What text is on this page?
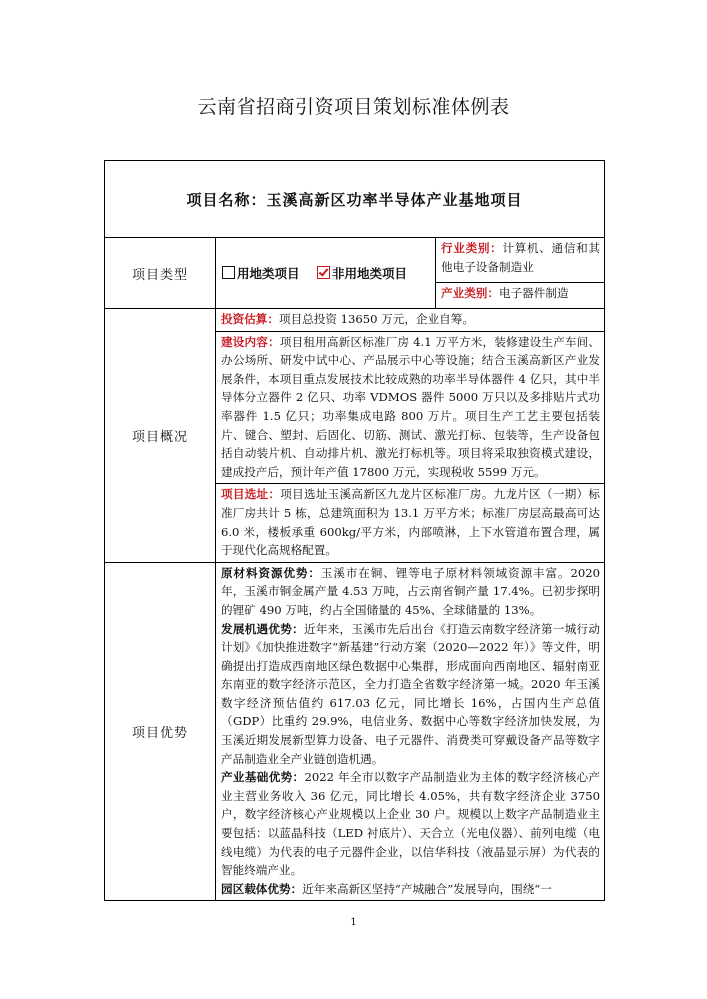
云南省招商引资项目策划标准体例表
项目名称：玉溪高新区功率半导体产业基地项目		
项目类型	用地类项目 非用地类项目	行业类别：计算机、通信和其他电子设备制造业
		产业类别：电子器件制造
项目概况	投资估算：项目总投资 13650 万元，企业自筹。	
	建设内容：项目租用高新区标准厂房 4.1 万平方米，装修建设生产车间、办公场所、研发中试中心、产品展示中心等设施；结合玉溪高新区产业发展条件，本项目重点发展技术比较成熟的功率半导体器件 4 亿只，其中半导体分立器件 2 亿只、功率 VDMOS 器件 5000 万只以及多排贴片式功率器件 1.5 亿只；功率集成电路 800 万片。项目生产工艺主要包括装片、键合、塑封、后固化、切筋、测试、激光打标、包装等，生产设备包括自动装片机、自动排片机、激光打标机等。项目将采取独资模式建设，建成投产后，预计年产值 17800 万元，实现税收 5599 万元。	
	项目选址：项目选址玉溪高新区九龙片区标准厂房。九龙片区（一期）标准厂房共计 5 栋，总建筑面积为 13.1 万平方米；标准厂房层高最高可达 6.0 米，楼板承重 600kg/平方米，内部喷淋，上下水管道布置合理，属于现代化高规格配置。	
项目优势	原材料资源优势：玉溪市在铜、锂等电子原材料领域资源丰富。2020 年，玉溪市铜金属产量 4.53 万吨，占云南省铜产量 17.4%。已初步探明的锂矿 490 万吨，约占全国储量的 45%、全球储量的 13%。
发展机遇优势：近年来，玉溪市先后出台《打造云南数字经济第一城行动计划》《加快推进数字“新基建”行动方案（2020—2022 年）》等文件，明确提出打造成西南地区绿色数据中心集群，形成面向西南地区、辐射南亚东南亚的数字经济示范区，全力打造全省数字经济第一城。2020 年玉溪数字经济预估值约 617.03 亿元，同比增长 16%，占国内生产总值（GDP）比重约 29.9%，电信业务、数据中心等数字经济加快发展，为玉溪近期发展新型算力设备、电子元器件、消费类可穿戴设备产品等数字产品制造业全产业链创造机遇。
产业基础优势：2022 年全市以数字产品制造业为主体的数字经济核心产业主营业务收入 36 亿元，同比增长 4.05%，共有数字经济企业 3750 户，数字经济核心产业规模以上企业 30 户。规模以上数字产品制造业主要包括：以蓝晶科技（LED 衬底片）、天合立（光电仪器）、前列电缆（电线电缆）为代表的电子元器件企业，以信华科技（液晶显示屏）为代表的智能终端产业。
园区载体优势：近年来高新区坚持“产城融合”发展导向，围绕“一	
1
